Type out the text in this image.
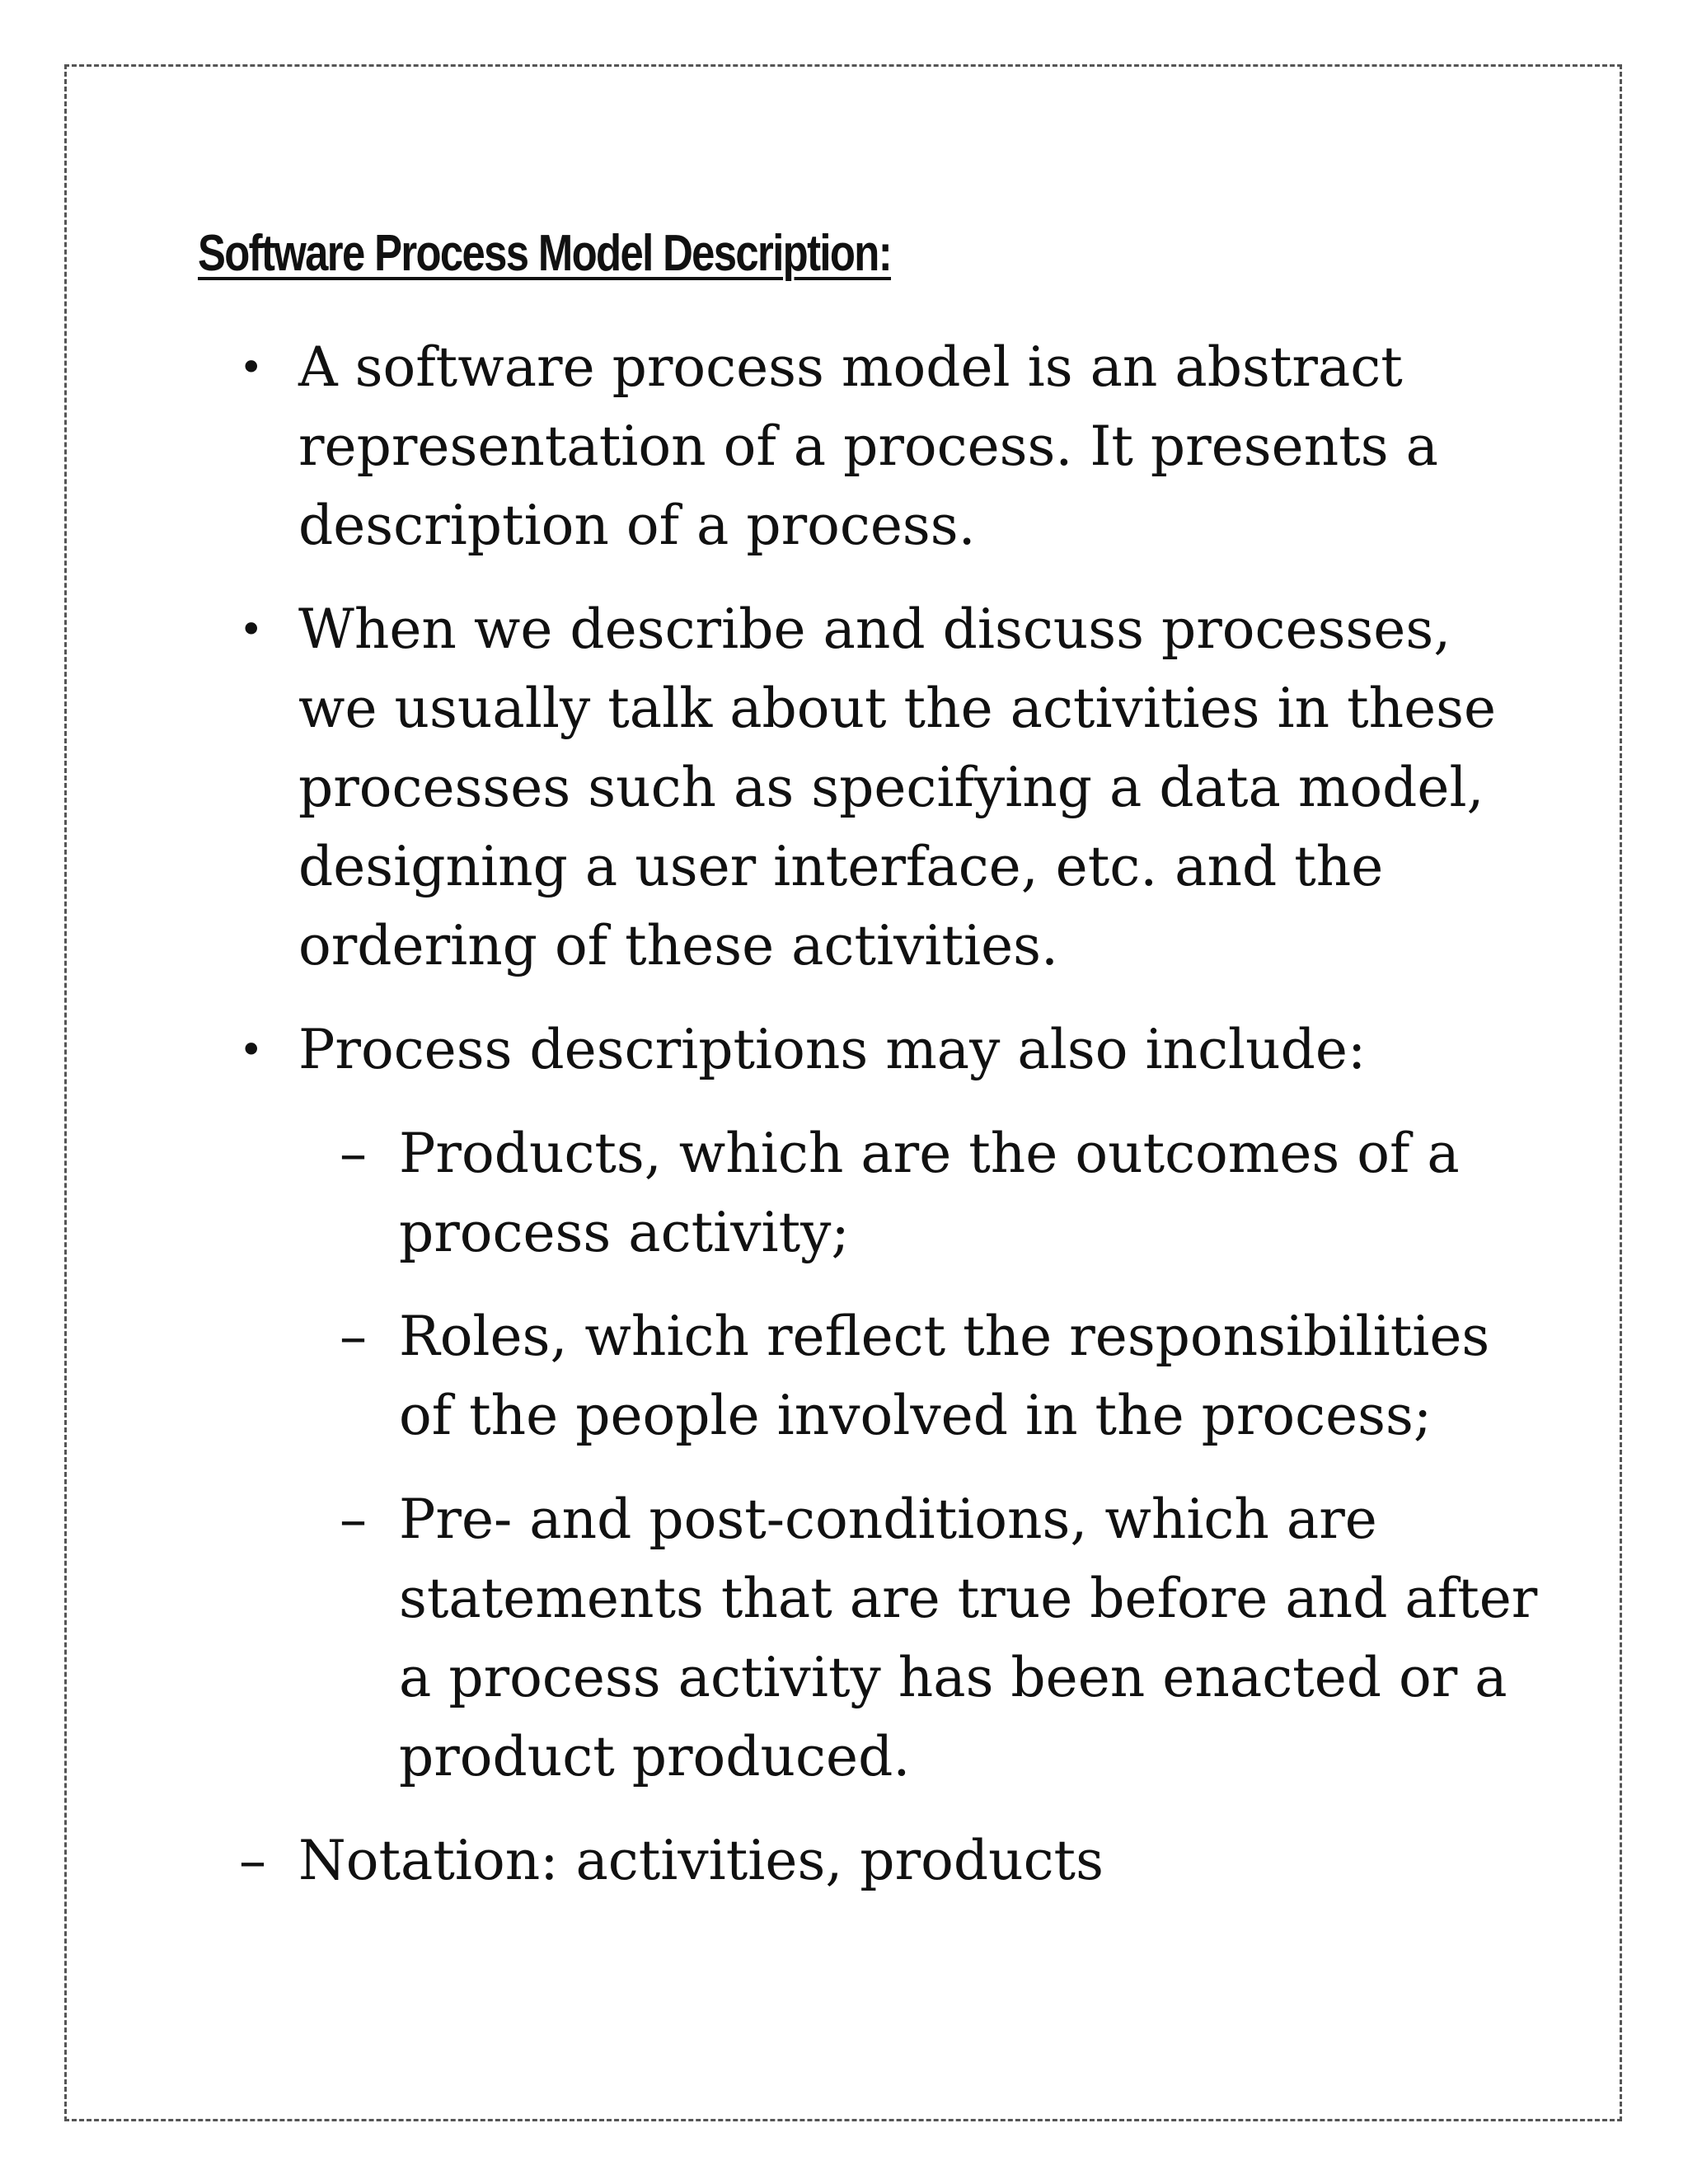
Software Process Model Description:
• A software process model is an abstract representation of a process. It presents a description of a process.
• When we describe and discuss processes, we usually talk about the activities in these processes such as specifying a data model, designing a user interface, etc. and the ordering of these activities.
• Process descriptions may also include:
– Products, which are the outcomes of a process activity;
– Roles, which reflect the responsibilities of the people involved in the process;
– Pre- and post-conditions, which are statements that are true before and after a process activity has been enacted or a product produced.
– Notation: activities, products
